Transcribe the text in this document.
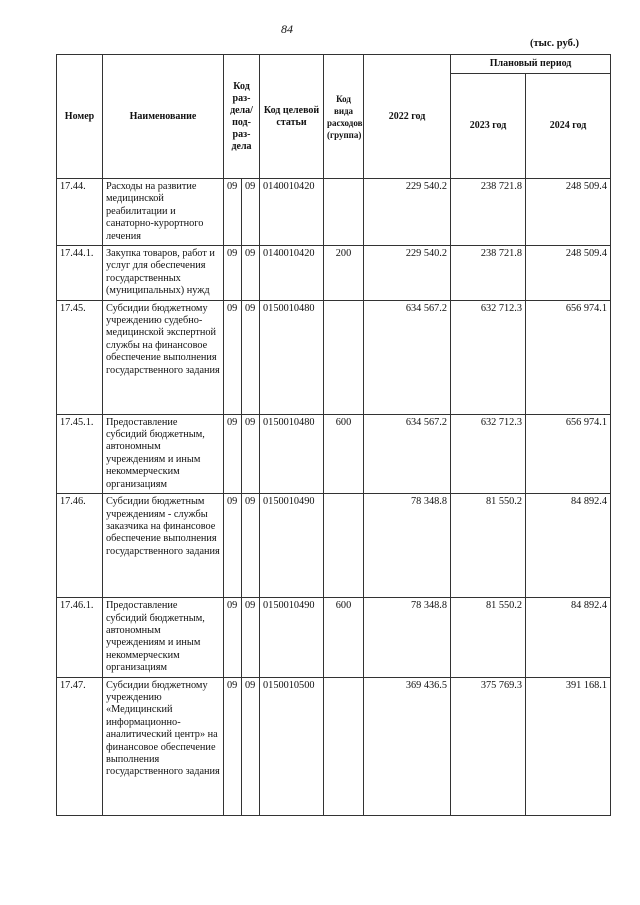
84
(тыс. руб.)
Номер	Наименование	Код раз-дела/ под-раз-дела		Код целевой статьи	Код вида расходов (группа)	2022 год	Плановый период	
							2023 год	2024 год
17.44.	Расходы на развитие медицинской реабилитации и санаторно-курортного лечения	09	09	0140010420		229 540.2	238 721.8	248 509.4
17.44.1.	Закупка товаров, работ и услуг для обеспечения государственных (муниципальных) нужд	09	09	0140010420	200	229 540.2	238 721.8	248 509.4
17.45.	Субсидии бюджетному учреждению судебно-медицинской экспертной службы на финансовое обеспечение выполнения государственного задания	09	09	0150010480		634 567.2	632 712.3	656 974.1
17.45.1.	Предоставление субсидий бюджетным, автономным учреждениям и иным некоммерческим организациям	09	09	0150010480	600	634 567.2	632 712.3	656 974.1
17.46.	Субсидии бюджетным учреждениям - службы заказчика на финансовое обеспечение выполнения государственного задания	09	09	0150010490		78 348.8	81 550.2	84 892.4
17.46.1.	Предоставление субсидий бюджетным, автономным учреждениям и иным некоммерческим организациям	09	09	0150010490	600	78 348.8	81 550.2	84 892.4
17.47.	Субсидии бюджетному учреждению «Медицинский информационно-аналитический центр» на финансовое обеспечение выполнения государственного задания	09	09	0150010500		369 436.5	375 769.3	391 168.1
